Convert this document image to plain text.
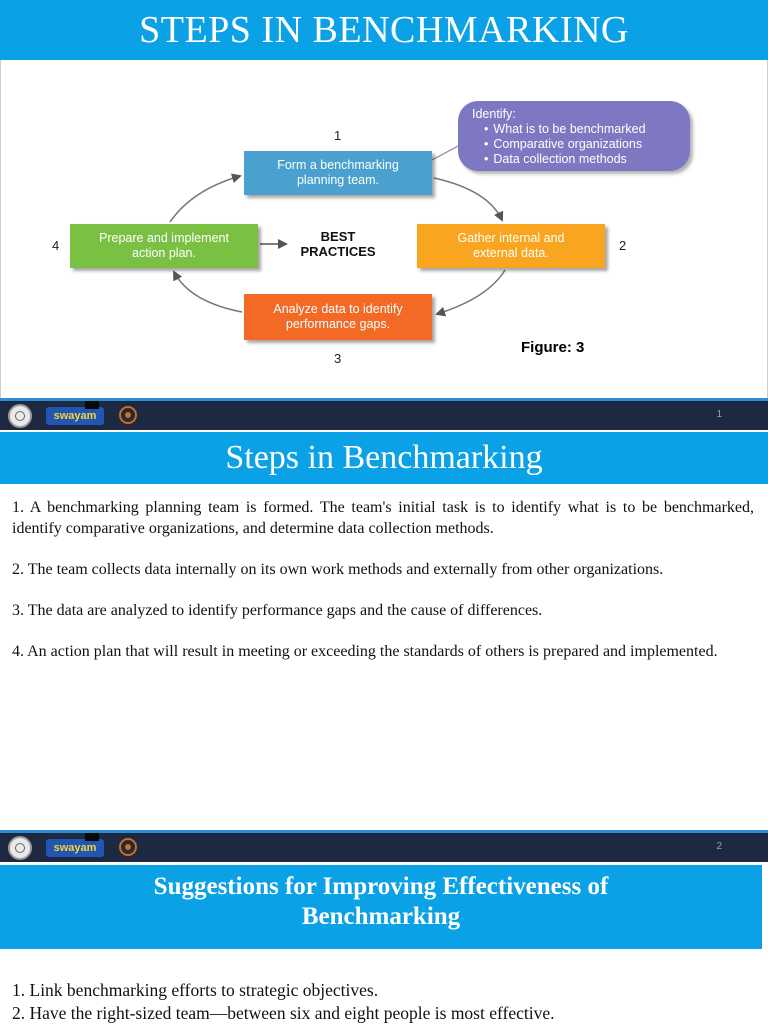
STEPS IN BENCHMARKING
1
Form a benchmarking
planning team.
Identify:
• What is to be benchmarked
• Comparative organizations
• Data collection methods
2
Gather internal and
external data.
3
Analyze data to identify
performance gaps.
4	Prepare and implement
action plan.
BEST
PRACTICES
Figure: 3
swayam	1
Steps in Benchmarking

1. A benchmarking planning team is formed. The team's initial task is to identify what is to be benchmarked, identify comparative organizations, and determine data collection methods.

2. The team collects data internally on its own work methods and externally from other organizations.

3. The data are analyzed to identify performance gaps and the cause of differences.

4. An action plan that will result in meeting or exceeding the standards of others is prepared and implemented.

swayam	2
Suggestions for Improving Effectiveness of
Benchmarking

1. Link benchmarking efforts to strategic objectives.

2. Have the right-sized team—between six and eight people is most effective.
